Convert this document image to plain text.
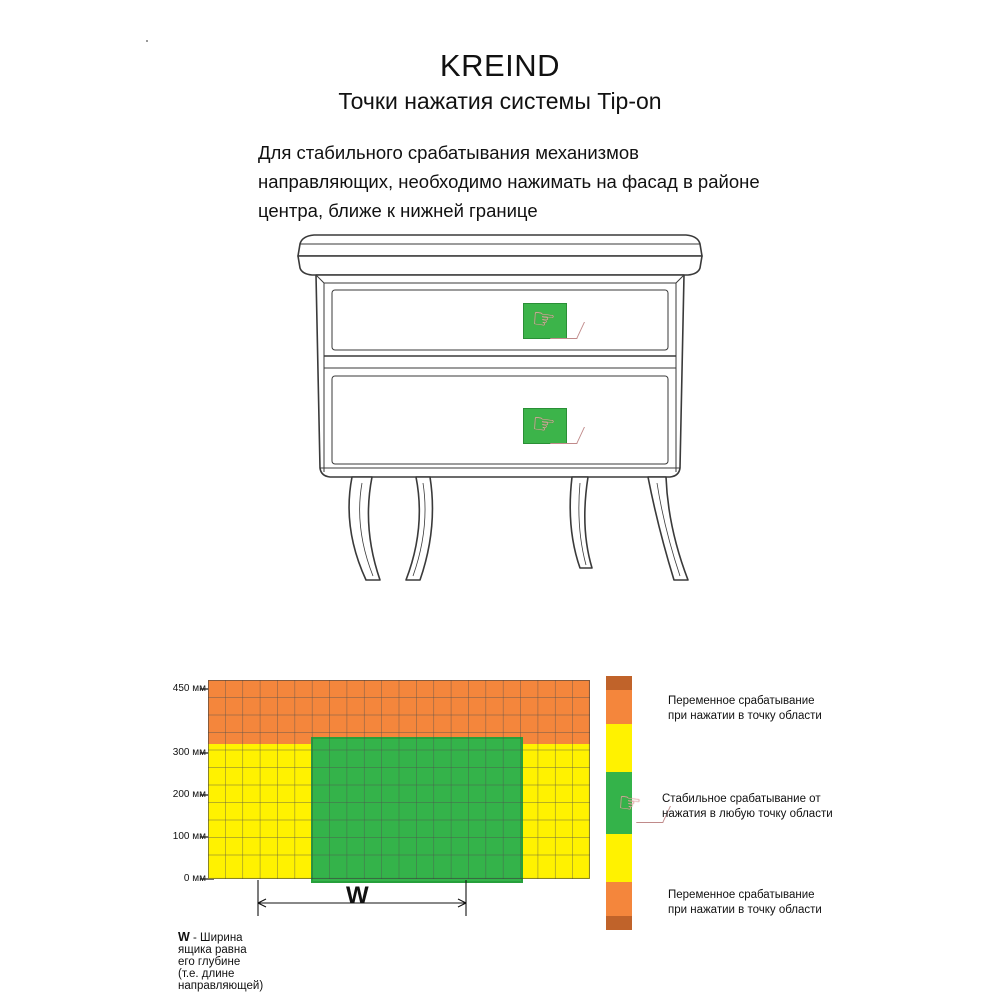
KREIND
Точки нажатия системы Tip-on
Для стабильного срабатывания механизмов направляющих, необходимо нажимать на фасад в районе центра, ближе к нижней границе
☞
☞
450 мм
300 мм
200 мм
100 мм
0 мм
W
W - Ширина ящика равна его глубине (т.е. длине направляющей)
☞
Переменное срабатывание
при нажатии в точку области
Стабильное срабатывание от
нажатия в любую точку области
Переменное срабатывание
при нажатии в точку области
